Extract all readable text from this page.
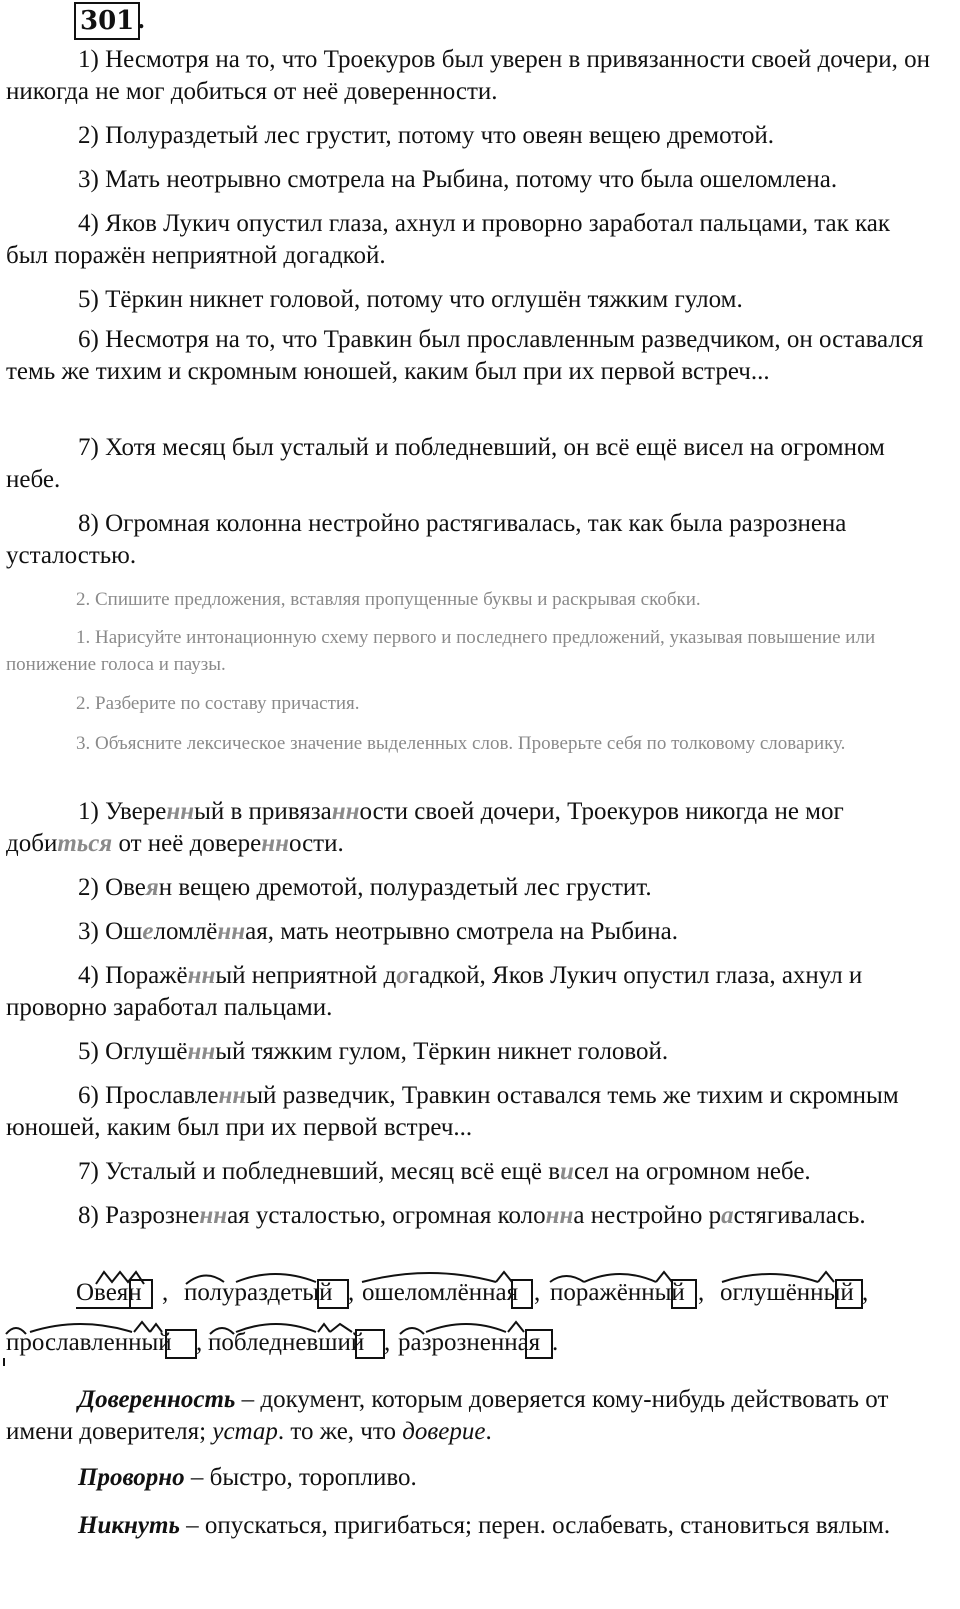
301 .

1) Несмотря на то, что Троекуров был уверен в привязанности своей дочери, он никогда не мог добиться от неё доверенности.

2) Полураздетый лес грустит, потому что овеян вещею дремотой.

3) Мать неотрывно смотрела на Рыбина, потому что была ошеломлена.

4) Яков Лукич опустил глаза, ахнул и проворно заработал пальцами, так как был поражён неприятной догадкой.

5) Тёркин никнет головой, потому что оглушён тяжким гулом.

6) Несмотря на то, что Травкин был прославленным разведчиком, он оставался темь же тихим и скромным юношей, каким был при их первой встреч...

7) Хотя месяц был усталый и побледневший, он всё ещё висел на огромном небе.

8) Огромная колонна нестройно растягивалась, так как была разрознена усталостью.

2. Спишите предложения, вставляя пропущенные буквы и раскрывая скобки.

1. Нарисуйте интонационную схему первого и последнего предложений, указывая повышение или понижение голоса и паузы.

2. Разберите по составу причастия.

3. Объясните лексическое значение выделенных слов. Проверьте себя по толковому словарику.

1) Уверенный в привязанности своей дочери, Троекуров никогда не мог добиться от неё доверенности.

2) Овеян вещею дремотой, полураздетый лес грустит.

3) Ошеломлённая, мать неотрывно смотрела на Рыбина.

4) Поражённый неприятной догадкой, Яков Лукич опустил глаза, ахнул и проворно заработал пальцами.

5) Оглушённый тяжким гулом, Тёркин никнет головой.

6) Прославленный разведчик, Травкин оставался темь же тихим и скромным юношей, каким был при их первой встреч...

7) Усталый и побледневший, месяц всё ещё висел на огромном небе.

8) Разрозненная усталостью, огромная колонна нестройно растягивалась.

Овеян , полураздетый , ошеломлённая , поражённый , оглушённый ,
прославленный , побледневший , разрозненная .

Доверенность – документ, которым доверяется кому-нибудь действовать от имени доверителя; устар. то же, что доверие.

Проворно – быстро, торопливо.

Никнуть – опускаться, пригибаться; перен. ослабевать, становиться вялым.
